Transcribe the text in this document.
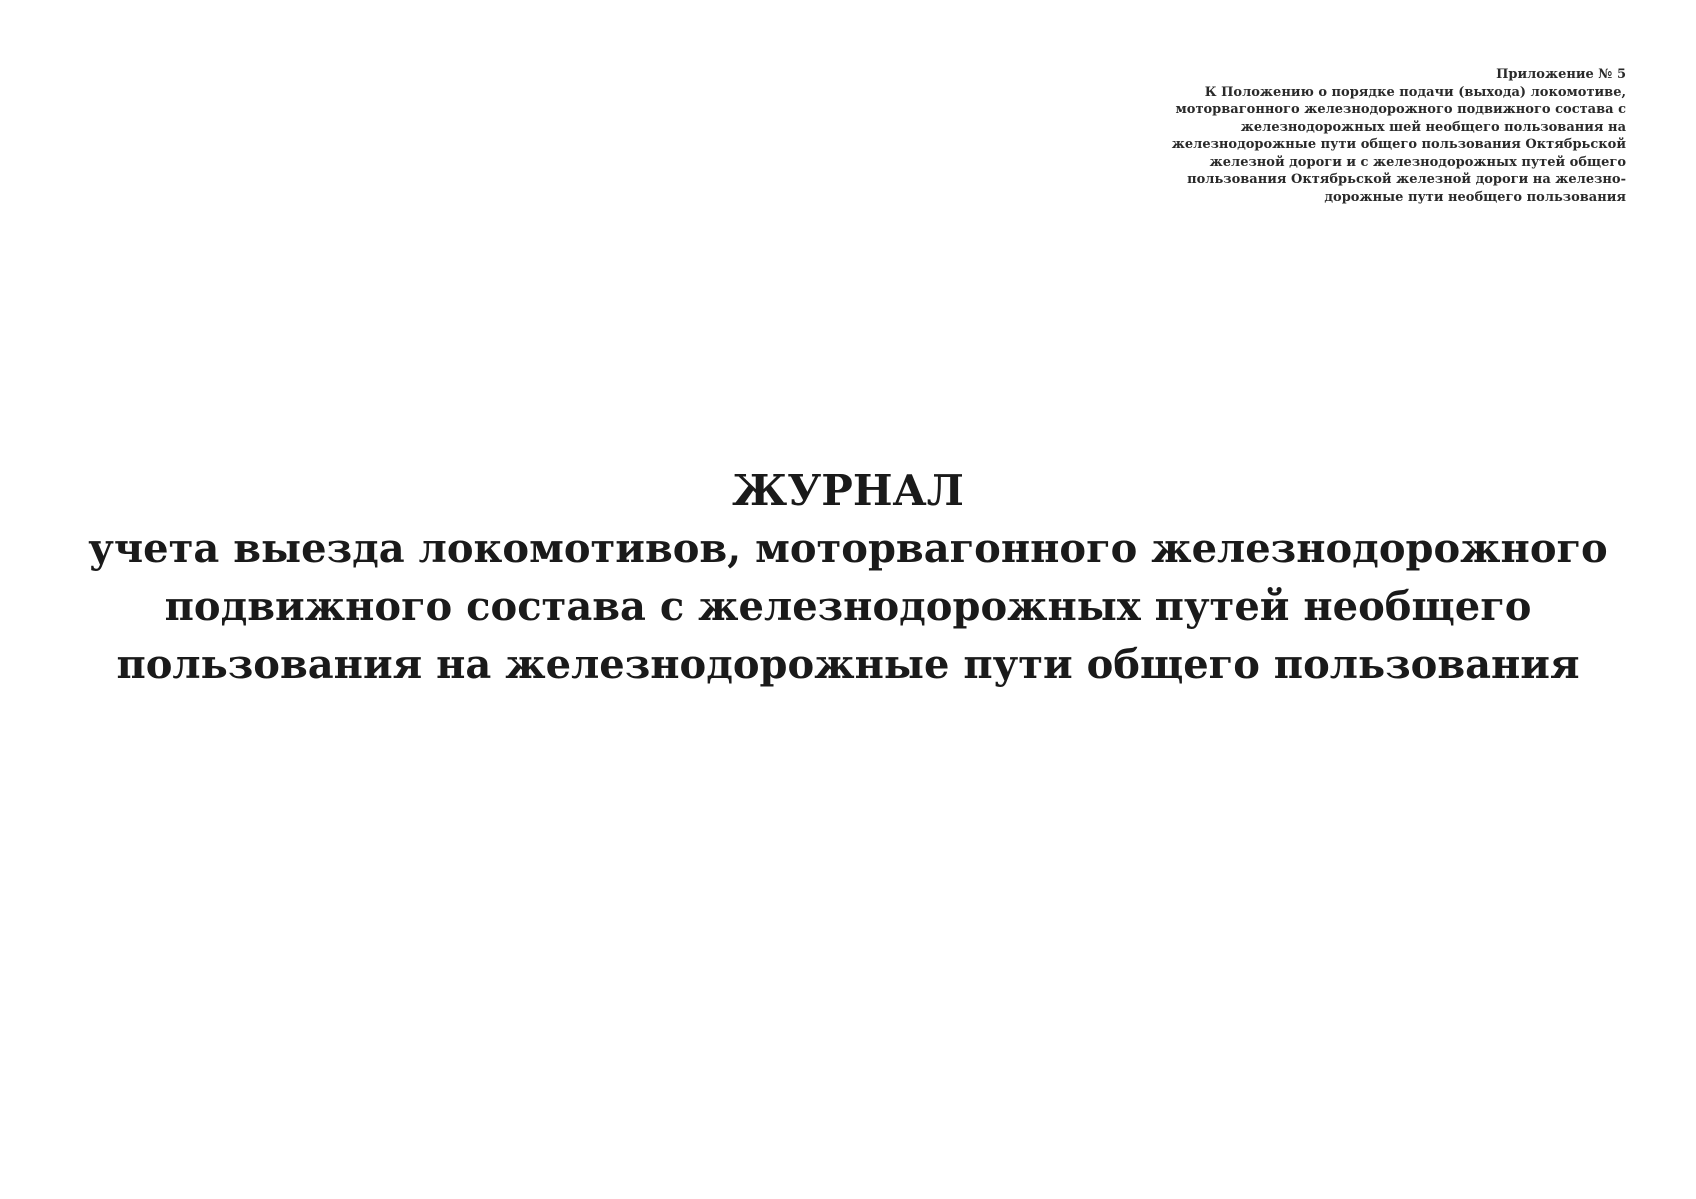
Приложение № 5
К Положению о порядке подачи (выхода) локомотиве,
моторвагонного железнодорожного подвижного состава с
железнодорожных шей необщего пользования на
железнодорожные пути общего пользования Октябрьской
железной дороги и с железнодорожных путей общего
пользования Октябрьской железной дороги на железно-
дорожные пути необщего пользования
ЖУРНАЛ
учета выезда локомотивов, моторвагонного железнодорожного
подвижного состава с железнодорожных путей необщего
пользования на железнодорожные пути общего пользования
